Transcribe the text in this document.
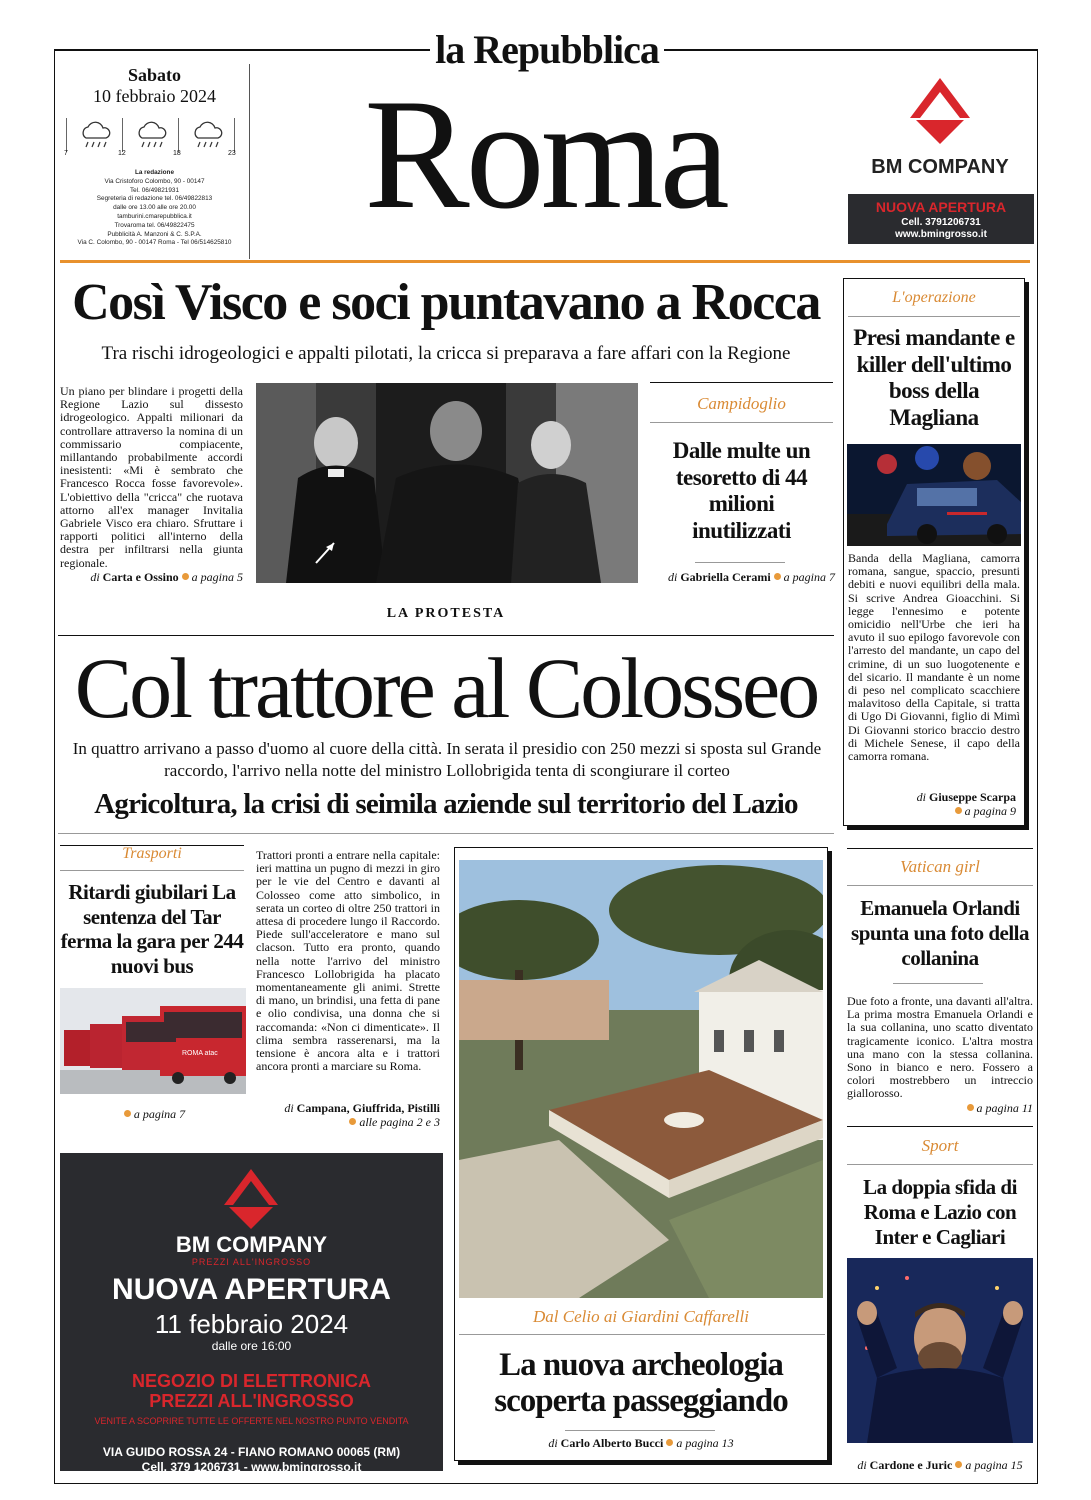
la Repubblica
Sabato
10 febbraio 2024
7	12	18	23
La redazione
Via Cristoforo Colombo, 90 - 00147
Tel. 06/49821931
Segreteria di redazione tel. 06/49822813
dalle ore 13.00 alle ore 20.00
tamburini.cmarepubblica.it
Trovaroma tel. 06/49822475
Pubblicità A. Manzoni & C. S.P.A.
Via C. Colombo, 90 - 00147 Roma - Tel 06/514625810
Roma	BM COMPANY
NUOVA APERTURA
Cell. 3791206731
www.bmingrosso.it
Così Visco e soci puntavano a Rocca
Tra rischi idrogeologici e appalti pilotati, la cricca si preparava a fare affari con la Regione
Un piano per blindare i progetti della Regione Lazio sul dissesto idrogeologico. Appalti milionari da controllare attraverso la nomina di un commissario compiacente, millantando probabilmente accordi inesistenti: «Mi è sembrato che Francesco Rocca fosse favorevole». L'obiettivo della "cricca" che ruotava attorno all'ex manager Invitalia Gabriele Visco era chiaro. Sfruttare i rapporti politici all'interno della destra per infiltrarsi nella giunta regionale.
di Carta e Ossino a pagina 5
Campidoglio
Dalle multe un tesoretto di 44 milioni inutilizzati
di Gabriella Cerami a pagina 7
L'operazione
Presi mandante e killer dell'ultimo boss della Magliana
Banda della Magliana, camorra romana, sangue, spaccio, presunti debiti e nuovi equilibri della mala. Si scrive Andrea Gioacchini. Si legge l'ennesimo e potente omicidio nell'Urbe che ieri ha avuto il suo epilogo favorevole con l'arresto del mandante, un capo del crimine, di un suo luogotenente e del sicario. Il mandante è un nome di peso nel complicato scacchiere malavitoso della Capitale, si tratta di Ugo Di Giovanni, figlio di Mimì Di Giovanni storico braccio destro di Michele Senese, il capo della camorra romana.
di Giuseppe Scarpa
a pagina 9
LA PROTESTA
Col trattore al Colosseo
In quattro arrivano a passo d'uomo al cuore della città. In serata il presidio con 250 mezzi si sposta sul Grande raccordo, l'arrivo nella notte del ministro Lollobrigida tenta di scongiurare il corteo
Agricoltura, la crisi di seimila aziende sul territorio del Lazio
Trasporti
Ritardi giubilari La sentenza del Tar ferma la gara per 244 nuovi bus
ROMA atac
a pagina 7
Trattori pronti a entrare nella capitale: ieri mattina un pugno di mezzi in giro per le vie del Centro e davanti al Colosseo come atto simbolico, in serata un corteo di oltre 250 trattori in attesa di procedere lungo il Raccordo. Piede sull'acceleratore e mano sul clacson. Tutto era pronto, quando nella notte l'arrivo del ministro Francesco Lollobrigida ha placato momentaneamente gli animi. Strette di mano, un brindisi, una fetta di pane e olio condivisa, una donna che si raccomanda: «Non ci dimenticate». Il clima sembra rasserenarsi, ma la tensione è ancora alta e i trattori ancora pronti a marciare su Roma.
di Campana, Giuffrida, Pistilli
alle pagina 2 e 3
Dal Celio ai Giardini Caffarelli
La nuova archeologia scoperta passeggiando
di Carlo Alberto Bucci a pagina 13
Vatican girl
Emanuela Orlandi spunta una foto della collanina
Due foto a fronte, una davanti all'altra. La prima mostra Emanuela Orlandi e la sua collanina, uno scatto diventato tragicamente iconico. L'altra mostra una mano con la stessa collanina. Sono in bianco e nero. Fossero a colori mostrebbero un intreccio giallorosso.
a pagina 11
Sport
La doppia sfida di Roma e Lazio con Inter e Cagliari
di Cardone e Juric a pagina 15
BM COMPANY
PREZZI ALL'INGROSSO
NUOVA APERTURA
11 febbraio 2024
dalle ore 16:00
NEGOZIO DI ELETTRONICA
PREZZI ALL'INGROSSO
VENITE A SCOPRIRE TUTTE LE OFFERTE NEL NOSTRO PUNTO VENDITA
VIA GUIDO ROSSA 24 - FIANO ROMANO 00065 (RM)
Cell. 379 1206731 - www.bmingrosso.it
